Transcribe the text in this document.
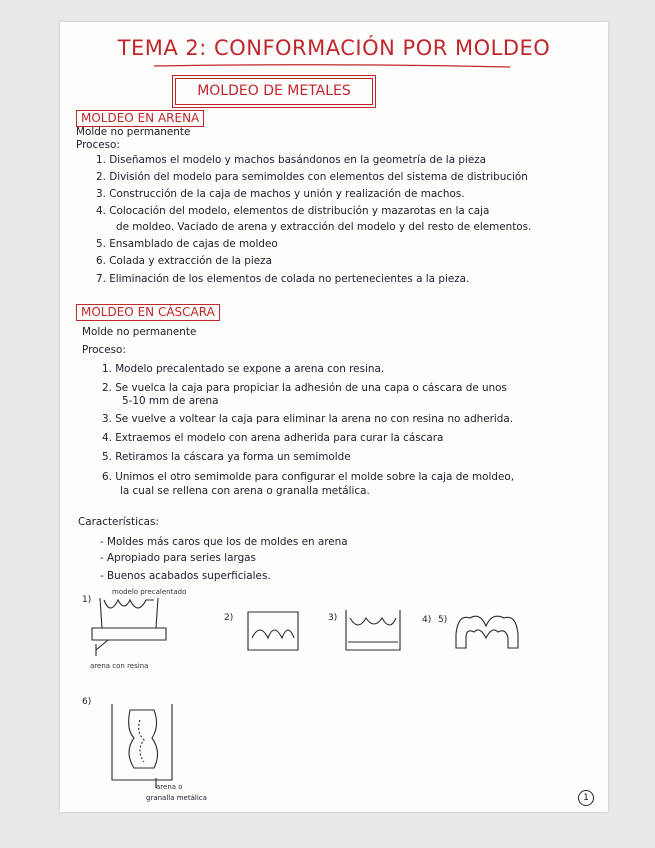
TEMA 2: CONFORMACIÓN POR MOLDEO
MOLDEO DE METALES
MOLDEO EN ARENA
Molde no permanente
Proceso:
1. Diseñamos el modelo y machos basándonos en la geometría de la pieza
2. División del modelo para semimoldes con elementos del sistema de distribución
3. Construcción de la caja de machos y unión y realización de machos.
4. Colocación del modelo, elementos de distribución y mazarotas en la caja
de moldeo. Vaciado de arena y extracción del modelo y del resto de elementos.
5. Ensamblado de cajas de moldeo
6. Colada y extracción de la pieza
7. Eliminación de los elementos de colada no pertenecientes a la pieza.
MOLDEO EN CÁSCARA
Molde no permanente
Proceso:
1. Modelo precalentado se expone a arena con resina.
2. Se vuelca la caja para propiciar la adhesión de una capa o cáscara de unos
5-10 mm de arena
3. Se vuelve a voltear la caja para eliminar la arena no con resina no adherida.
4. Extraemos el modelo con arena adherida para curar la cáscara
5. Retiramos la cáscara ya forma un semimolde
6. Unimos el otro semimolde para configurar el molde sobre la caja de moldeo,
la cual se rellena con arena o granalla metálica.
Características:
- Moldes más caros que los de moldes en arena
- Apropiado para series largas
- Buenos acabados superficiales.
1)
modelo precalentado
arena con resina
2)	3)	4) 5)
6)
arena o
granalla metálica	1
